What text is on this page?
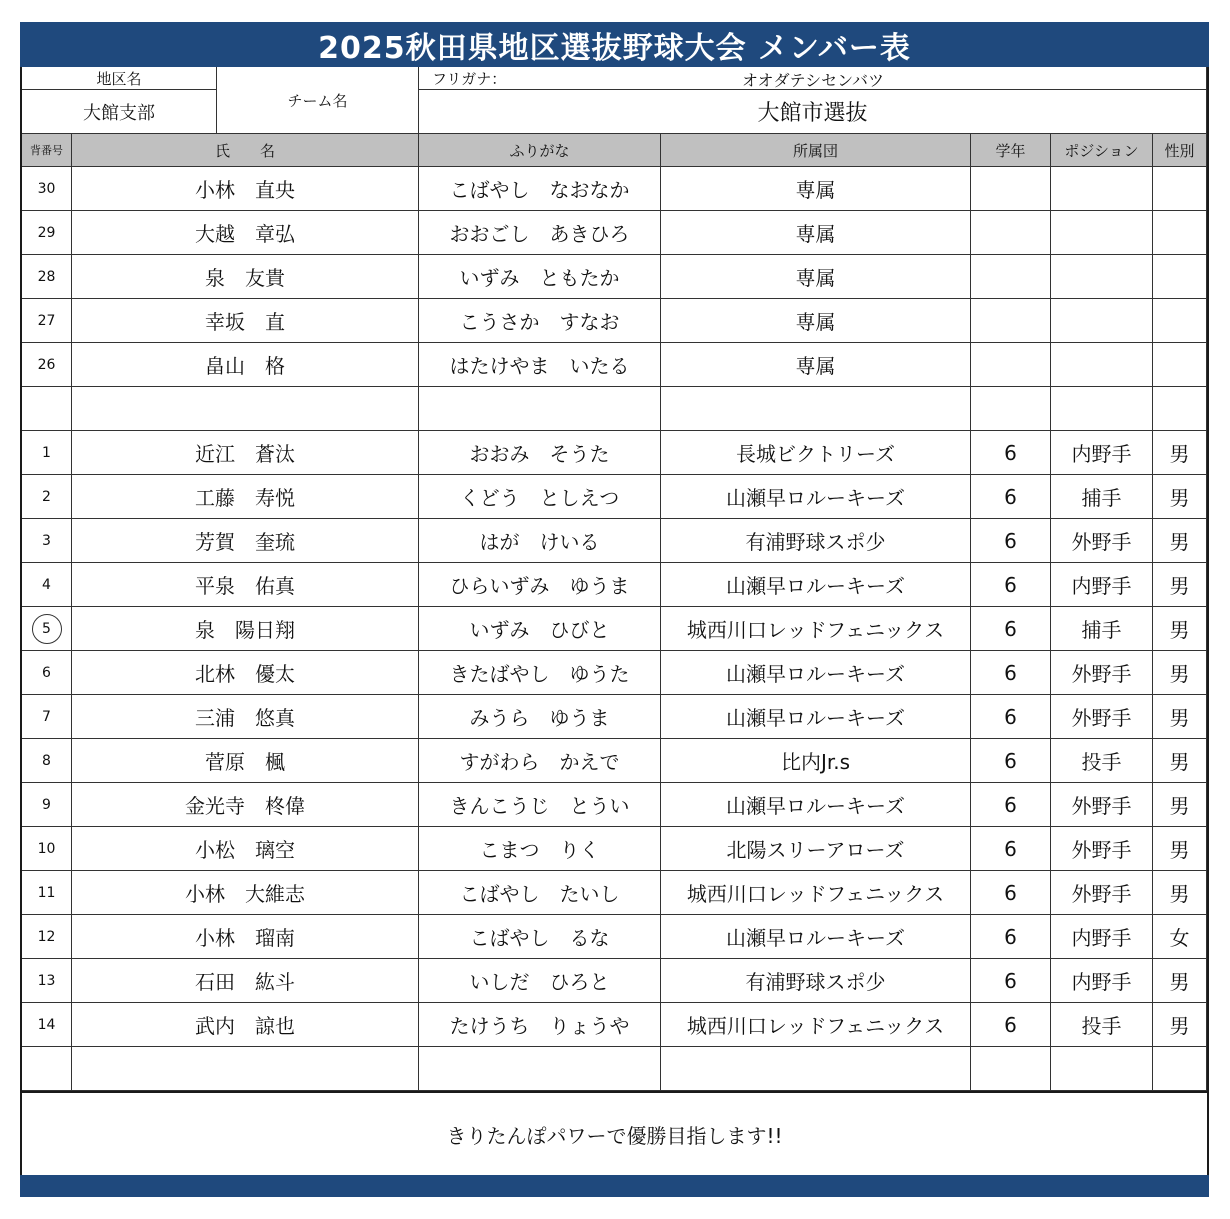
2025秋田県地区選抜野球大会 メンバー表
地区名
大館支部
チーム名
フリガナ：	オオダテシセンバツ
大館市選抜
背番号	氏　　名	ふりがな	所属団	学年	ポジション	性別
30	小林　直央	こばやし　なおなか	専属
29	大越　章弘	おおごし　あきひろ	専属
28	泉　友貴	いずみ　ともたか	専属
27	幸坂　直	こうさか　すなお	専属
26	畠山　格	はたけやま　いたる	専属
1	近江　蒼汰	おおみ　そうた	長城ビクトリーズ	6	内野手	男
2	工藤　寿悦	くどう　としえつ	山瀬早ロルーキーズ	6	捕手	男
3	芳賀　奎琉	はが　けいる	有浦野球スポ少	6	外野手	男
4	平泉　佑真	ひらいずみ　ゆうま	山瀬早ロルーキーズ	6	内野手	男
5	泉　陽日翔	いずみ　ひびと	城西川口レッドフェニックス	6	捕手	男
6	北林　優太	きたばやし　ゆうた	山瀬早ロルーキーズ	6	外野手	男
7	三浦　悠真	みうら　ゆうま	山瀬早ロルーキーズ	6	外野手	男
8	菅原　楓	すがわら　かえで	比内Jr.s	6	投手	男
9	金光寺　柊偉	きんこうじ　とうい	山瀬早ロルーキーズ	6	外野手	男
10	小松　璃空	こまつ　りく	北陽スリーアローズ	6	外野手	男
11	小林　大維志	こばやし　たいし	城西川口レッドフェニックス	6	外野手	男
12	小林　瑠南	こばやし　るな	山瀬早ロルーキーズ	6	内野手	女
13	石田　紘斗	いしだ　ひろと	有浦野球スポ少	6	内野手	男
14	武内　諒也	たけうち　りょうや	城西川口レッドフェニックス	6	投手	男
きりたんぽパワーで優勝目指します!!
